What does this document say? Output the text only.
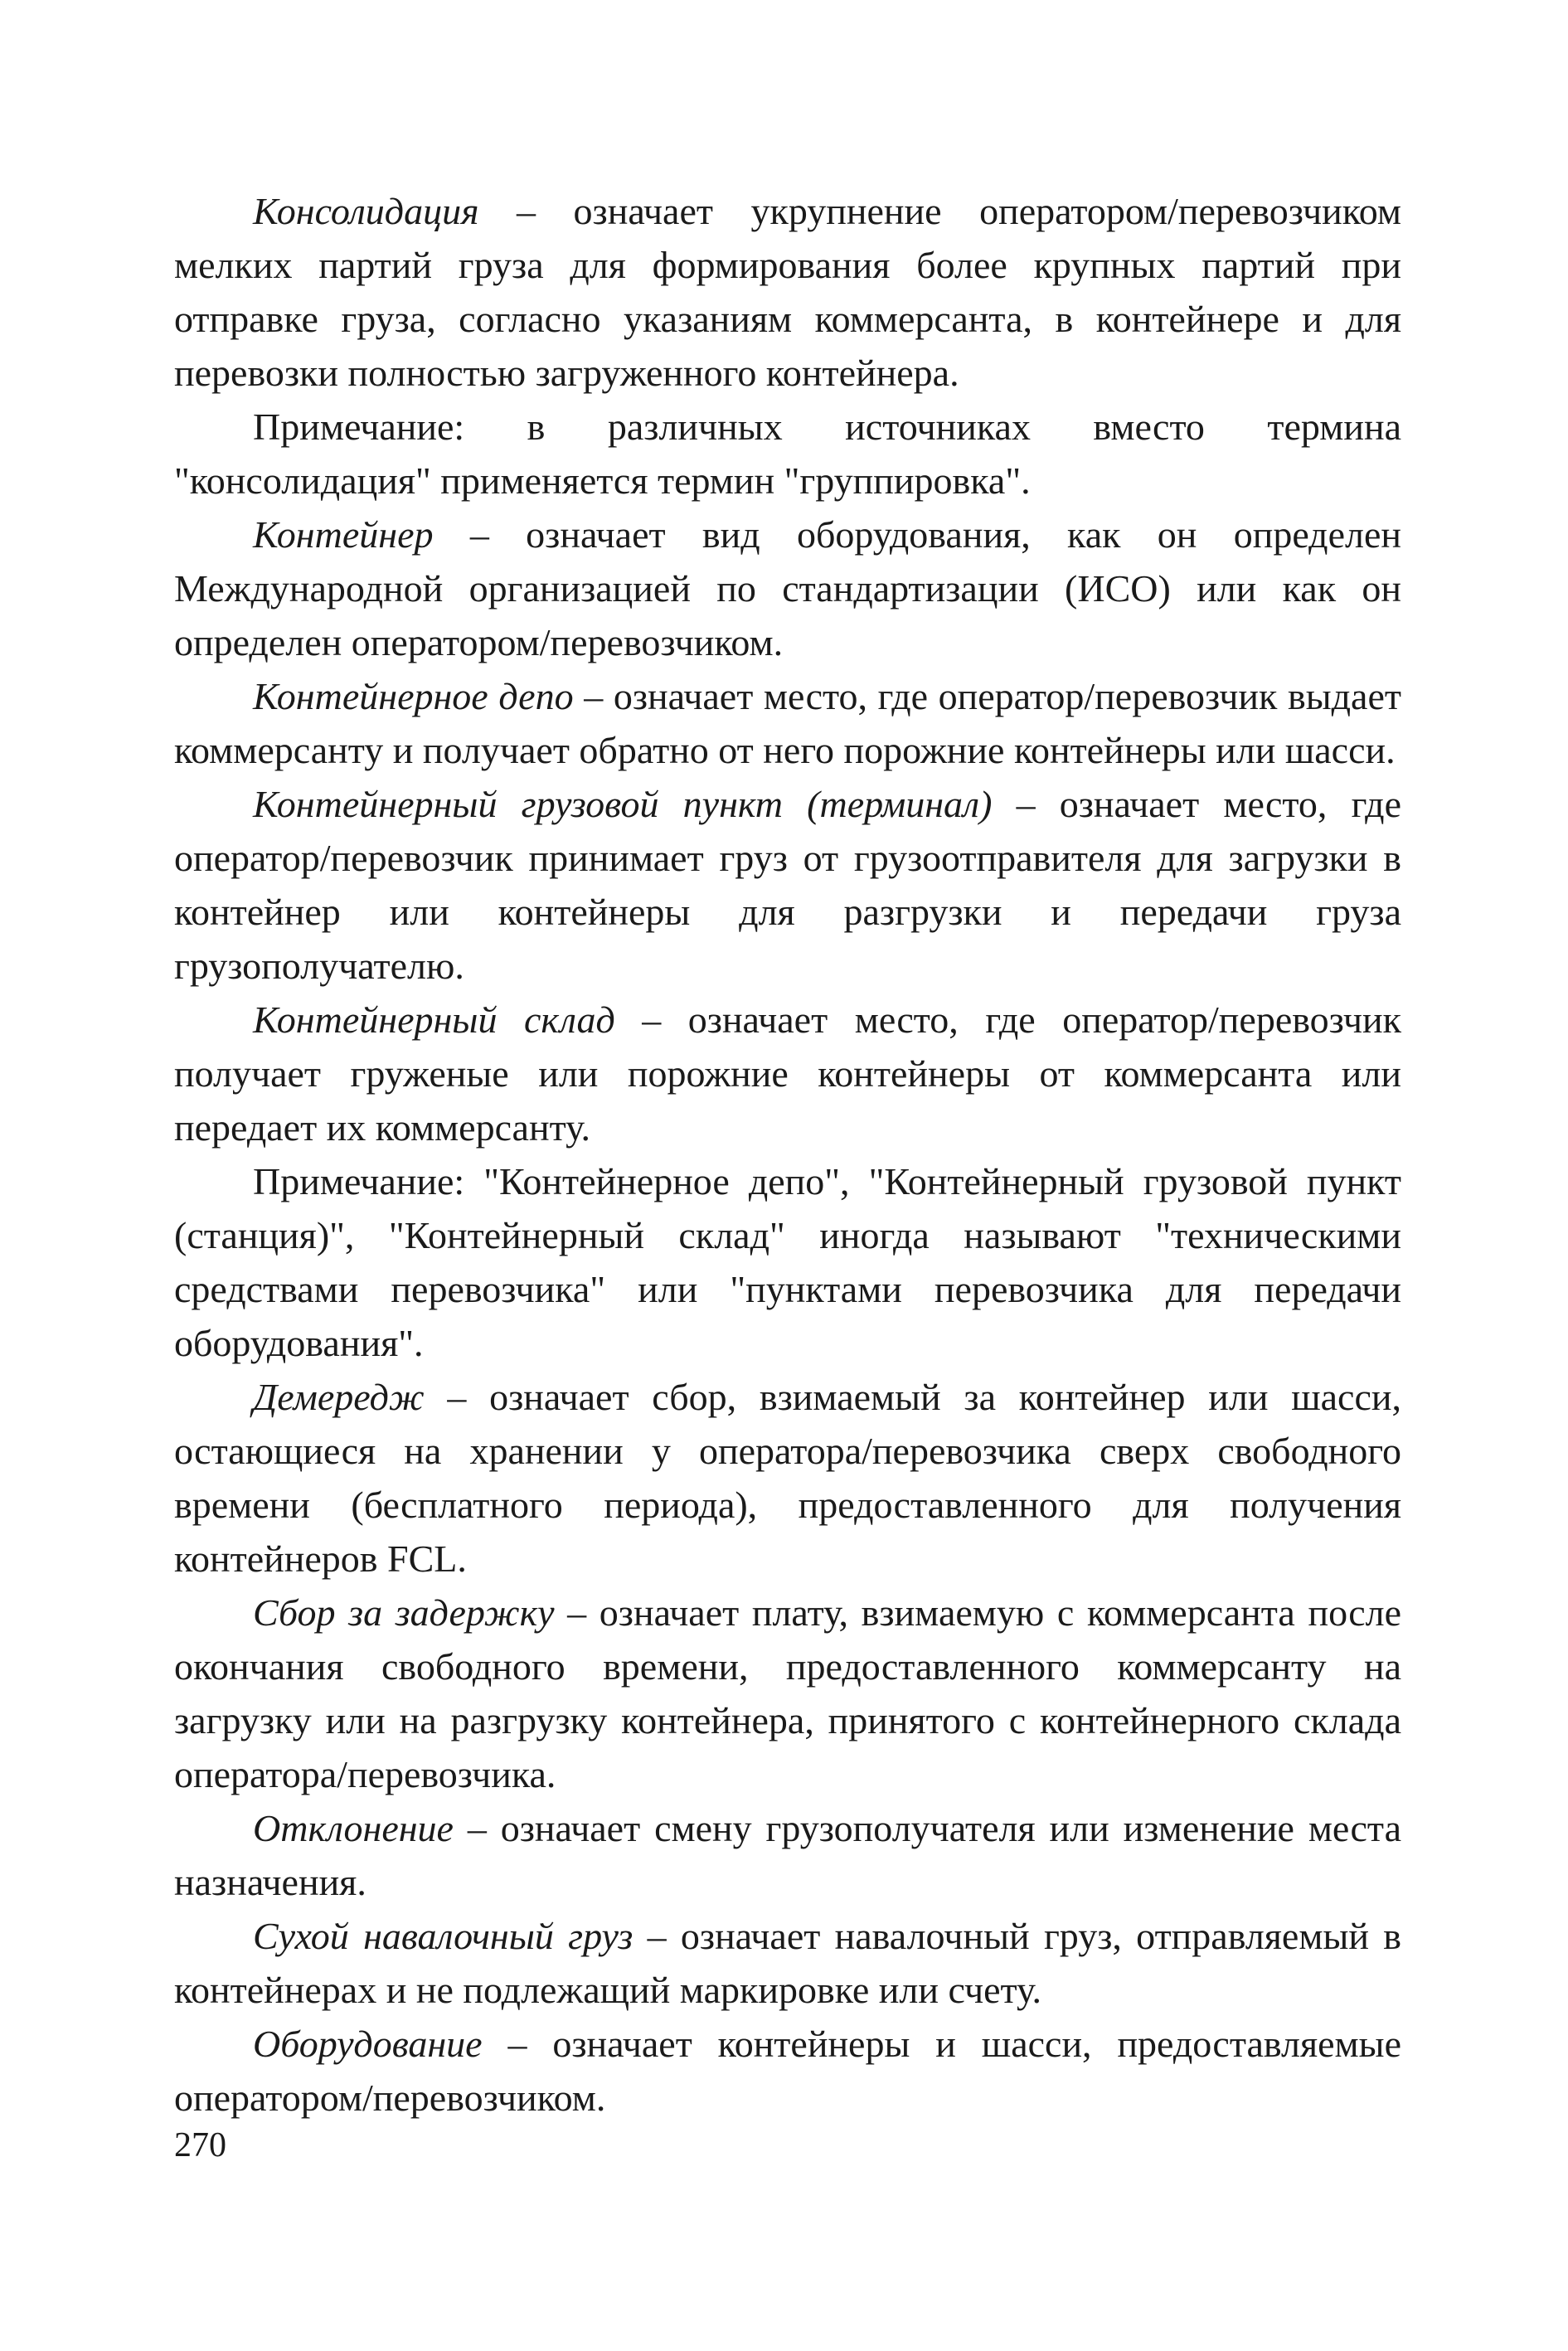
Консолидация – означает укрупнение оператором/перевозчиком мелких партий груза для формирования более крупных партий при отправке груза, согласно указаниям коммерсанта, в контейнере и для перевозки полностью загруженного контейнера.

Примечание: в различных источниках вместо термина "консолидация" применяется термин "группировка".

Контейнер – означает вид оборудования, как он определен Международной организацией по стандартизации (ИСО) или как он определен оператором/перевозчиком.

Контейнерное депо – означает место, где оператор/перевозчик выдает коммерсанту и получает обратно от него порожние контейнеры или шасси.

Контейнерный грузовой пункт (терминал) – означает место, где оператор/перевозчик принимает груз от грузоотправителя для загрузки в контейнер или контейнеры для разгрузки и передачи груза грузополучателю.

Контейнерный склад – означает место, где оператор/перевозчик получает груженые или порожние контейнеры от коммерсанта или передает их коммерсанту.

Примечание: "Контейнерное депо", "Контейнерный грузовой пункт (станция)", "Контейнерный склад" иногда называют "техническими средствами перевозчика" или "пунктами перевозчика для передачи оборудования".

Демередж – означает сбор, взимаемый за контейнер или шасси, остающиеся на хранении у оператора/перевозчика сверх свободного времени (бесплатного периода), предоставленного для получения контейнеров FCL.

Сбор за задержку – означает плату, взимаемую с коммерсанта после окончания свободного времени, предоставленного коммерсанту на загрузку или на разгрузку контейнера, принятого с контейнерного склада оператора/перевозчика.

Отклонение – означает смену грузополучателя или изменение места назначения.

Сухой навалочный груз – означает навалочный груз, отправляемый в контейнерах и не подлежащий маркировке или счету.

Оборудование – означает контейнеры и шасси, предоставляемые оператором/перевозчиком.

270
